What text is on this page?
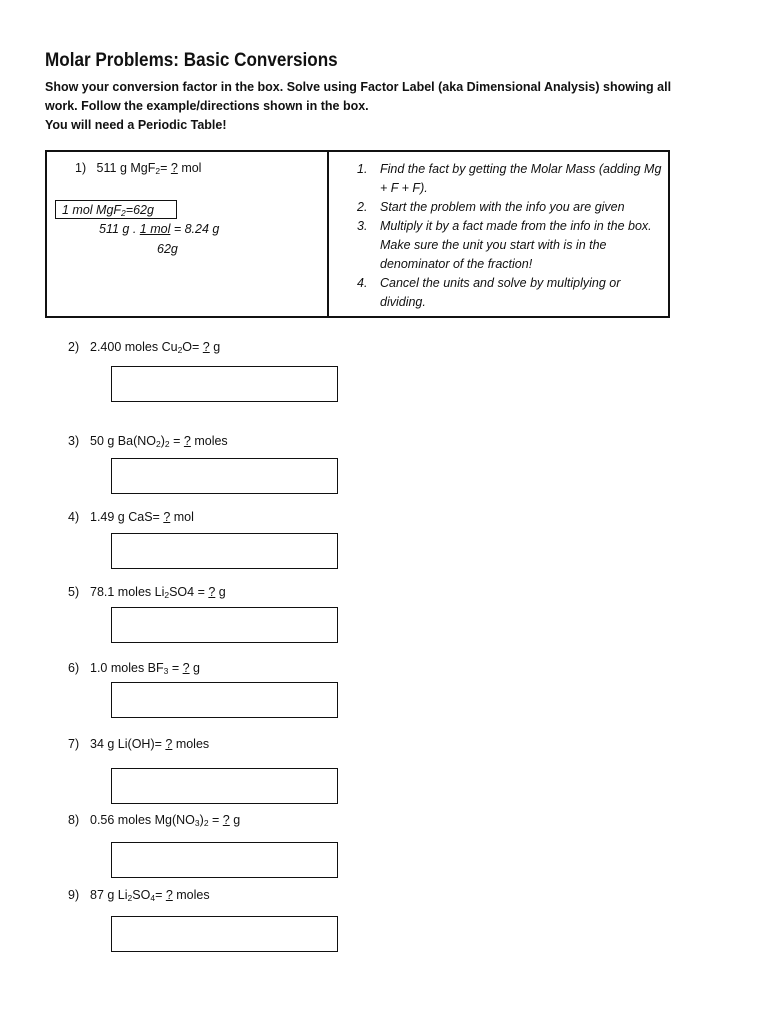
Molar Problems: Basic Conversions

Show your conversion factor in the box. Solve using Factor Label (aka Dimensional Analysis) showing all

work. Follow the example/directions shown in the box.

You will need a Periodic Table!

1) 511 g MgF$_2$= ? mol
1 mol MgF$_2$=62g
511 g . 1 mol = 8.24 g
62g
1. Find the fact by getting the Molar Mass (adding Mg + F + F).
2. Start the problem with the info you are given
3. Multiply it by a fact made from the info in the box. Make sure the unit you start with is in the denominator of the fraction!
4. Cancel the units and solve by multiplying or dividing.
2) 2.400 moles $Cu_2O=$ ? g
3) 50 g $Ba(NO_2)_2$ = ? moles
4) 1.49 g CaS= ? mol
5) 78.1 moles $Li_2SO4$ = ? g
6) 1.0 moles $BF_3$ = ? g
7) 34 g Li(OH)= ? moles
8) 0.56 moles $Mg(NO_3)_2$ = ? g
9) 87 g $Li_2SO_4=$ ? moles
